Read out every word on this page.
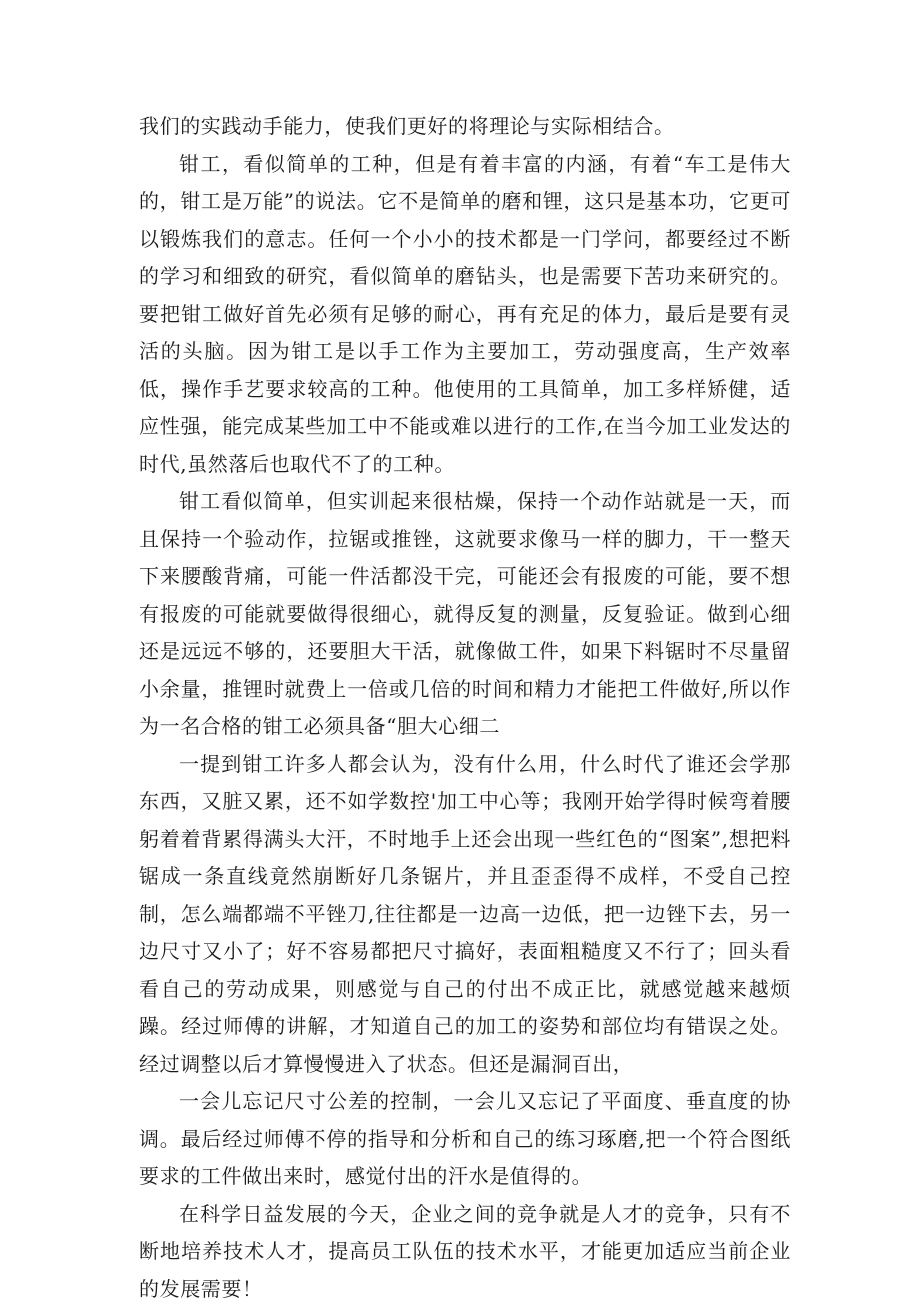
我们的实践动手能力，使我们更好的将理论与实际相结合。

钳工，看似简单的工种，但是有着丰富的内涵，有着“车工是伟大的，钳工是万能”的说法。它不是简单的磨和锂，这只是基本功，它更可以锻炼我们的意志。任何一个小小的技术都是一门学问，都要经过不断的学习和细致的研究，看似简单的磨钻头，也是需要下苦功来研究的。要把钳工做好首先必须有足够的耐心，再有充足的体力，最后是要有灵活的头脑。因为钳工是以手工作为主要加工，劳动强度高，生产效率低，操作手艺要求较高的工种。他使用的工具简单，加工多样矫健，适应性强，能完成某些加工中不能或难以进行的工作,在当今加工业发达的时代,虽然落后也取代不了的工种。

钳工看似简单，但实训起来很枯燥，保持一个动作站就是一天，而且保持一个验动作，拉锯或推锉，这就要求像马一样的脚力，干一整天下来腰酸背痛，可能一件活都没干完，可能还会有报废的可能，要不想有报废的可能就要做得很细心，就得反复的测量，反复验证。做到心细还是远远不够的，还要胆大干活，就像做工件，如果下料锯时不尽量留小余量，推锂时就费上一倍或几倍的时间和精力才能把工件做好,所以作为一名合格的钳工必须具备“胆大心细二

一提到钳工许多人都会认为，没有什么用，什么时代了谁还会学那东西，又脏又累，还不如学数控'加工中心等；我刚开始学得时候弯着腰躬着着背累得满头大汗，不时地手上还会出现一些红色的“图案”,想把料锯成一条直线竟然崩断好几条锯片，并且歪歪得不成样，不受自己控制，怎么端都端不平锉刀,往往都是一边高一边低，把一边锉下去，另一边尺寸又小了；好不容易都把尺寸搞好，表面粗糙度又不行了；回头看看自己的劳动成果，则感觉与自己的付出不成正比，就感觉越来越烦躁。经过师傅的讲解，才知道自己的加工的姿势和部位均有错误之处。经过调整以后才算慢慢进入了状态。但还是漏洞百出，

一会儿忘记尺寸公差的控制，一会儿又忘记了平面度、垂直度的协调。最后经过师傅不停的指导和分析和自己的练习琢磨,把一个符合图纸要求的工件做出来时，感觉付出的汗水是值得的。

在科学日益发展的今天，企业之间的竞争就是人才的竞争，只有不断地培养技术人才，提高员工队伍的技术水平，才能更加适应当前企业的发展需要！
